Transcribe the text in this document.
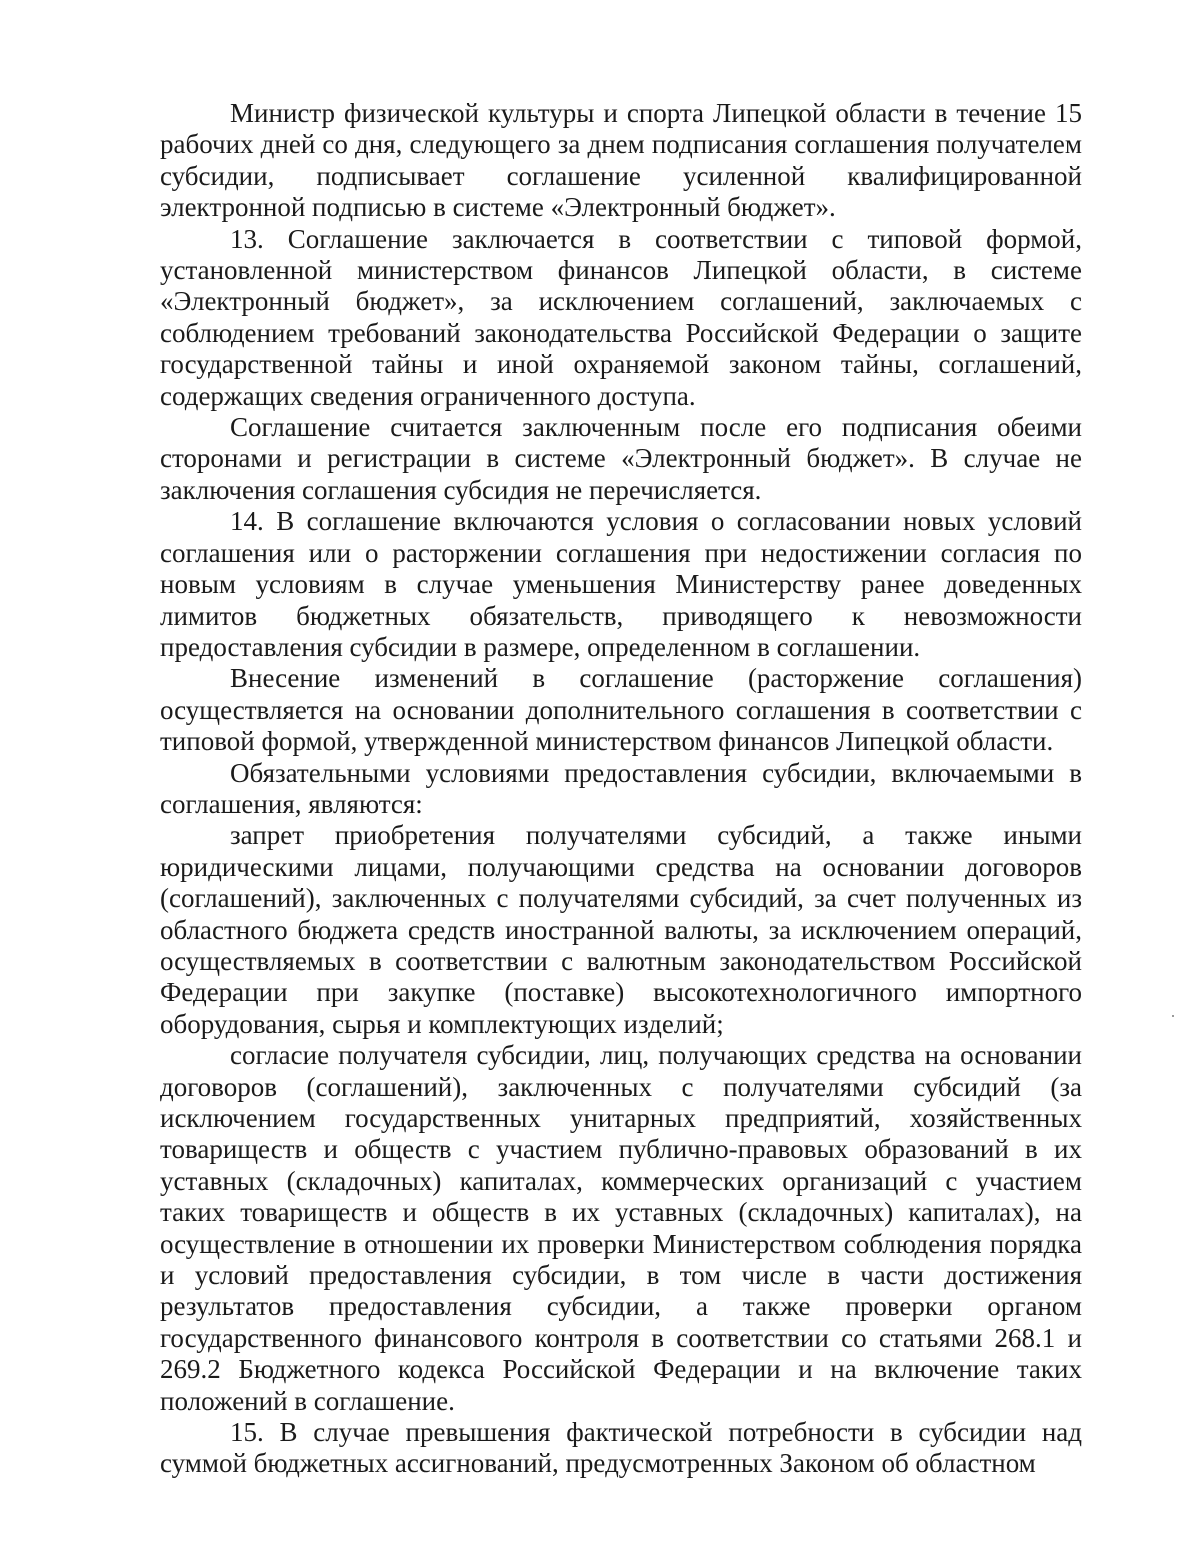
Министр физической культуры и спорта Липецкой области в течение 15 рабочих дней со дня, следующего за днем подписания соглашения получателем субсидии, подписывает соглашение усиленной квалифицированной электронной подписью в системе «Электронный бюджет».

13. Соглашение заключается в соответствии с типовой формой, установленной министерством финансов Липецкой области, в системе «Электронный бюджет», за исключением соглашений, заключаемых с соблюдением требований законодательства Российской Федерации о защите государственной тайны и иной охраняемой законом тайны, соглашений, содержащих сведения ограниченного доступа.

Соглашение считается заключенным после его подписания обеими сторонами и регистрации в системе «Электронный бюджет». В случае не заключения соглашения субсидия не перечисляется.

14. В соглашение включаются условия о согласовании новых условий соглашения или о расторжении соглашения при недостижении согласия по новым условиям в случае уменьшения Министерству ранее доведенных лимитов бюджетных обязательств, приводящего к невозможности предоставления субсидии в размере, определенном в соглашении.

Внесение изменений в соглашение (расторжение соглашения) осуществляется на основании дополнительного соглашения в соответствии с типовой формой, утвержденной министерством финансов Липецкой области.

Обязательными условиями предоставления субсидии, включаемыми в соглашения, являются:

запрет приобретения получателями субсидий, а также иными юридическими лицами, получающими средства на основании договоров (соглашений), заключенных с получателями субсидий, за счет полученных из областного бюджета средств иностранной валюты, за исключением операций, осуществляемых в соответствии с валютным законодательством Российской Федерации при закупке (поставке) высокотехнологичного импортного оборудования, сырья и комплектующих изделий;

согласие получателя субсидии, лиц, получающих средства на основании договоров (соглашений), заключенных с получателями субсидий (за исключением государственных унитарных предприятий, хозяйственных товариществ и обществ с участием публично-правовых образований в их уставных (складочных) капиталах, коммерческих организаций с участием таких товариществ и обществ в их уставных (складочных) капиталах), на осуществление в отношении их проверки Министерством соблюдения порядка и условий предоставления субсидии, в том числе в части достижения результатов предоставления субсидии, а также проверки органом государственного финансового контроля в соответствии со статьями 268.1 и 269.2 Бюджетного кодекса Российской Федерации и на включение таких положений в соглашение.

15. В случае превышения фактической потребности в субсидии над суммой бюджетных ассигнований, предусмотренных Законом об областном
